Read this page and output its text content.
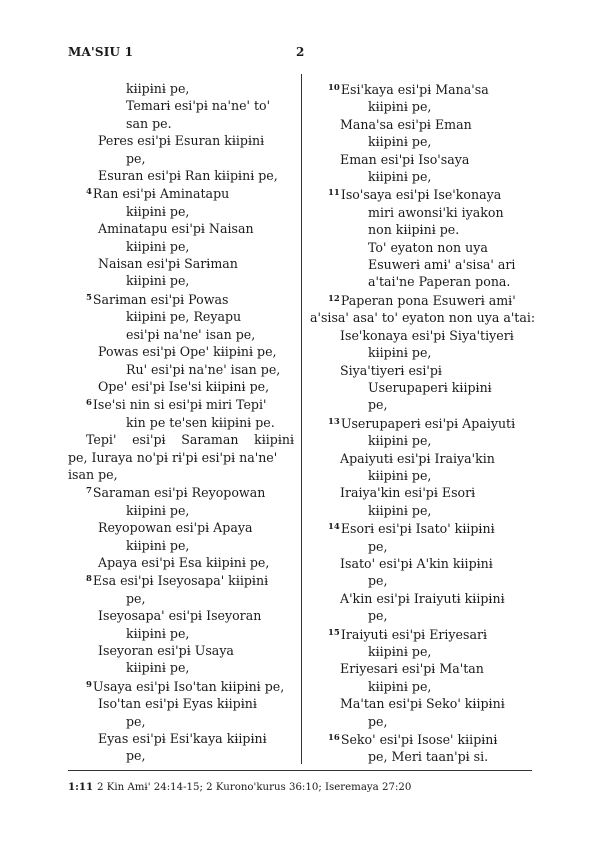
MA'SIU 1	2
kɨipɨnɨ pe,
Temarɨ esi'pɨ na'ne' to'
san pe.
Peres esi'pɨ Esuran kɨipɨnɨ
pe,
Esuran esi'pɨ Ran kɨipɨnɨ pe,
$^4$Ran esi'pɨ Aminatapu
kɨipɨnɨ pe,
Aminatapu esi'pɨ Naisan
kɨipɨnɨ pe,
Naisan esi'pɨ Sarɨman
kɨipɨnɨ pe,
$^5$Sarɨman esi'pɨ Powas
kɨipɨnɨ pe, Reyapu
esi'pɨ na'ne' isan pe,
Powas esi'pɨ Ope' kɨipɨnɨ pe,
Ru' esi'pɨ na'ne' isan pe,
Ope' esi'pɨ Ise'si kɨipɨnɨ pe,
$^6$Ise'si nin si esi'pɨ miri Tepi'
kin pe te'sen kɨipɨnɨ pe.
Tepi' esi'pɨ Saraman kɨipɨnɨ
pe, Iuraya no'pɨ rɨ'pɨ esi'pɨ na'ne'
isan pe,
$^7$Saraman esi'pɨ Reyopowan
kɨipɨnɨ pe,
Reyopowan esi'pɨ Apaya
kɨipɨnɨ pe,
Apaya esi'pɨ Esa kɨipɨnɨ pe,
$^8$Esa esi'pɨ Iseyosapa' kɨipɨnɨ
pe,
Iseyosapa' esi'pɨ Iseyoran
kɨipɨnɨ pe,
Iseyoran esi'pɨ Usaya
kɨipɨnɨ pe,
$^9$Usaya esi'pɨ Iso'tan kɨipɨnɨ pe,
Iso'tan esi'pɨ Eyas kɨipɨnɨ
pe,
Eyas esi'pɨ Esi'kaya kɨipɨnɨ
pe,
$^{10}$Esi'kaya esi'pɨ Mana'sa
kɨipɨnɨ pe,
Mana'sa esi'pɨ Eman
kɨipɨnɨ pe,
Eman esi'pɨ Iso'saya
kɨipɨnɨ pe,
$^{11}$Iso'saya esi'pɨ Ise'konaya
miri awonsi'ki iyakon
non kɨipɨnɨ pe.
To' eyaton non uya
Esuwerɨ amɨ' a'sisa' ari
a'tai'ne Paperan pona.
$^{12}$Paperan pona Esuwerɨ amɨ'
a'sisa' asa' to' eyaton non uya a'tai:
Ise'konaya esi'pɨ Siya'tiyerɨ
kɨipɨnɨ pe,
Siya'tiyerɨ esi'pɨ
Userupaperɨ kɨipɨnɨ
pe,
$^{13}$Userupaperɨ esi'pɨ Apaiyutɨ
kɨipɨnɨ pe,
Apaiyutɨ esi'pɨ Iraiya'kin
kɨipɨnɨ pe,
Iraiya'kin esi'pɨ Esorɨ
kɨipɨnɨ pe,
$^{14}$Esorɨ esi'pɨ Isato' kɨipɨnɨ
pe,
Isato' esi'pɨ A'kin kɨipɨnɨ
pe,
A'kin esi'pɨ Iraiyutɨ kɨipɨnɨ
pe,
$^{15}$Iraiyutɨ esi'pɨ Eriyesarɨ
kɨipɨnɨ pe,
Eriyesarɨ esi'pɨ Ma'tan
kɨipɨnɨ pe,
Ma'tan esi'pɨ Seko' kɨipɨnɨ
pe,
$^{16}$Seko' esi'pɨ Isose' kɨipɨnɨ
pe, Meri taan'pɨ si.
1:11 2 Kin Amɨ' 24:14-15; 2 Kurono'kurus 36:10; Iseremaya 27:20
